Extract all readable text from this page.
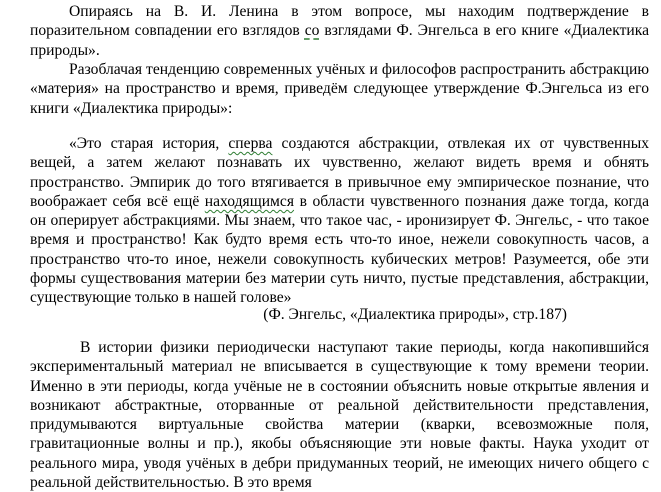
Опираясь на В. И. Ленина в этом вопросе, мы находим подтверждение в поразительном совпадении его взглядов со взглядами Ф. Энгельса в его книге «Диалектика природы».

Разоблачая тенденцию современных учёных и философов распространить абстракцию «материя» на пространство и время, приведём следующее утверждение Ф.Энгельса из его книги «Диалектика природы»:

«Это старая история, сперва создаются абстракции, отвлекая их от чувственных вещей, а затем желают познавать их чувственно, желают видеть время и обнять пространство. Эмпирик до того втягивается в привычное ему эмпирическое познание, что воображает себя всё ещё находящимся в области чувственного познания даже тогда, когда он оперирует абстракциями. Мы знаем, что такое час, - иронизирует Ф. Энгельс, - что такое время и пространство! Как будто время есть что-то иное, нежели совокупность часов, а пространство что-то иное, нежели совокупность кубических метров! Разумеется, обе эти формы существования материи без материи суть ничто, пустые представления, абстракции, существующие только в нашей голове»

(Ф. Энгельс, «Диалектика природы», стр.187)

В истории физики периодически наступают такие периоды, когда накопившийся экспериментальный материал не вписывается в существующие к тому времени теории. Именно в эти периоды, когда учёные не в состоянии объяснить новые открытые явления и возникают абстрактные, оторванные от реальной действительности представления, придумываются виртуальные свойства материи (кварки, всевозможные поля, гравитационные волны и пр.), якобы объясняющие эти новые факты. Наука уходит от реального мира, уводя учёных в дебри придуманных теорий, не имеющих ничего общего с реальной действительностью. В это время
